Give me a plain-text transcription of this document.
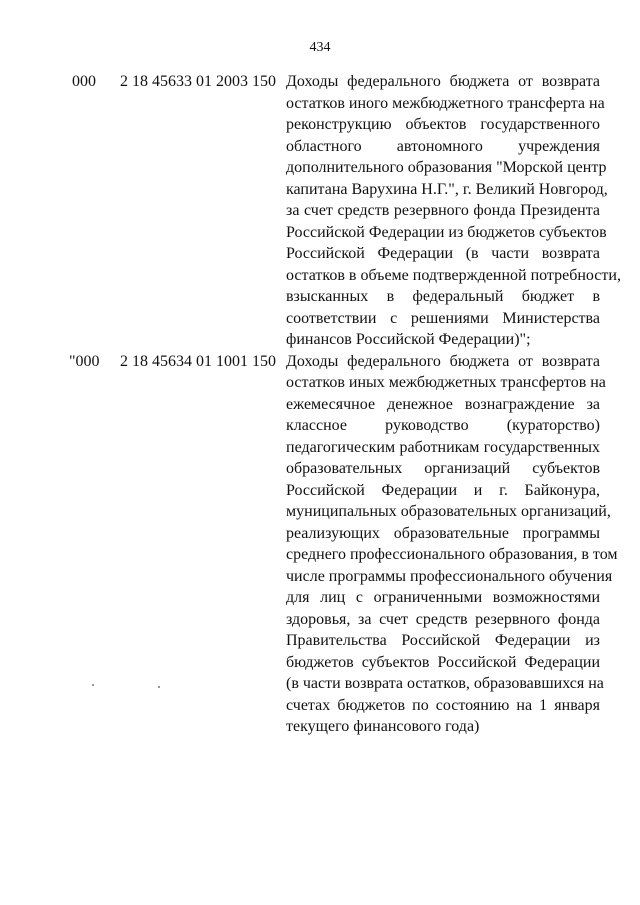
434
000 2 18 45633 01 2003 150 Доходы федерального бюджета от возврата
остатков иного межбюджетного трансферта на
реконструкцию объектов государственного
областного автономного учреждения
дополнительного образования "Морской центр
капитана Варухина Н.Г.", г. Великий Новгород,
за счет средств резервного фонда Президента
Российской Федерации из бюджетов субъектов
Российской Федерации (в части возврата
остатков в объеме подтвержденной потребности,
взысканных в федеральный бюджет в
соответствии с решениями Министерства
финансов Российской Федерации)";
"000 2 18 45634 01 1001 150 Доходы федерального бюджета от возврата
остатков иных межбюджетных трансфертов на
ежемесячное денежное вознаграждение за
классное руководство (кураторство)
педагогическим работникам государственных
образовательных организаций субъектов
Российской Федерации и г. Байконура,
муниципальных образовательных организаций,
реализующих образовательные программы
среднего профессионального образования, в том
числе программы профессионального обучения
для лиц с ограниченными возможностями
здоровья, за счет средств резервного фонда
Правительства Российской Федерации из
бюджетов субъектов Российской Федерации
(в части возврата остатков, образовавшихся на
счетах бюджетов по состоянию на 1 января
текущего финансового года)
